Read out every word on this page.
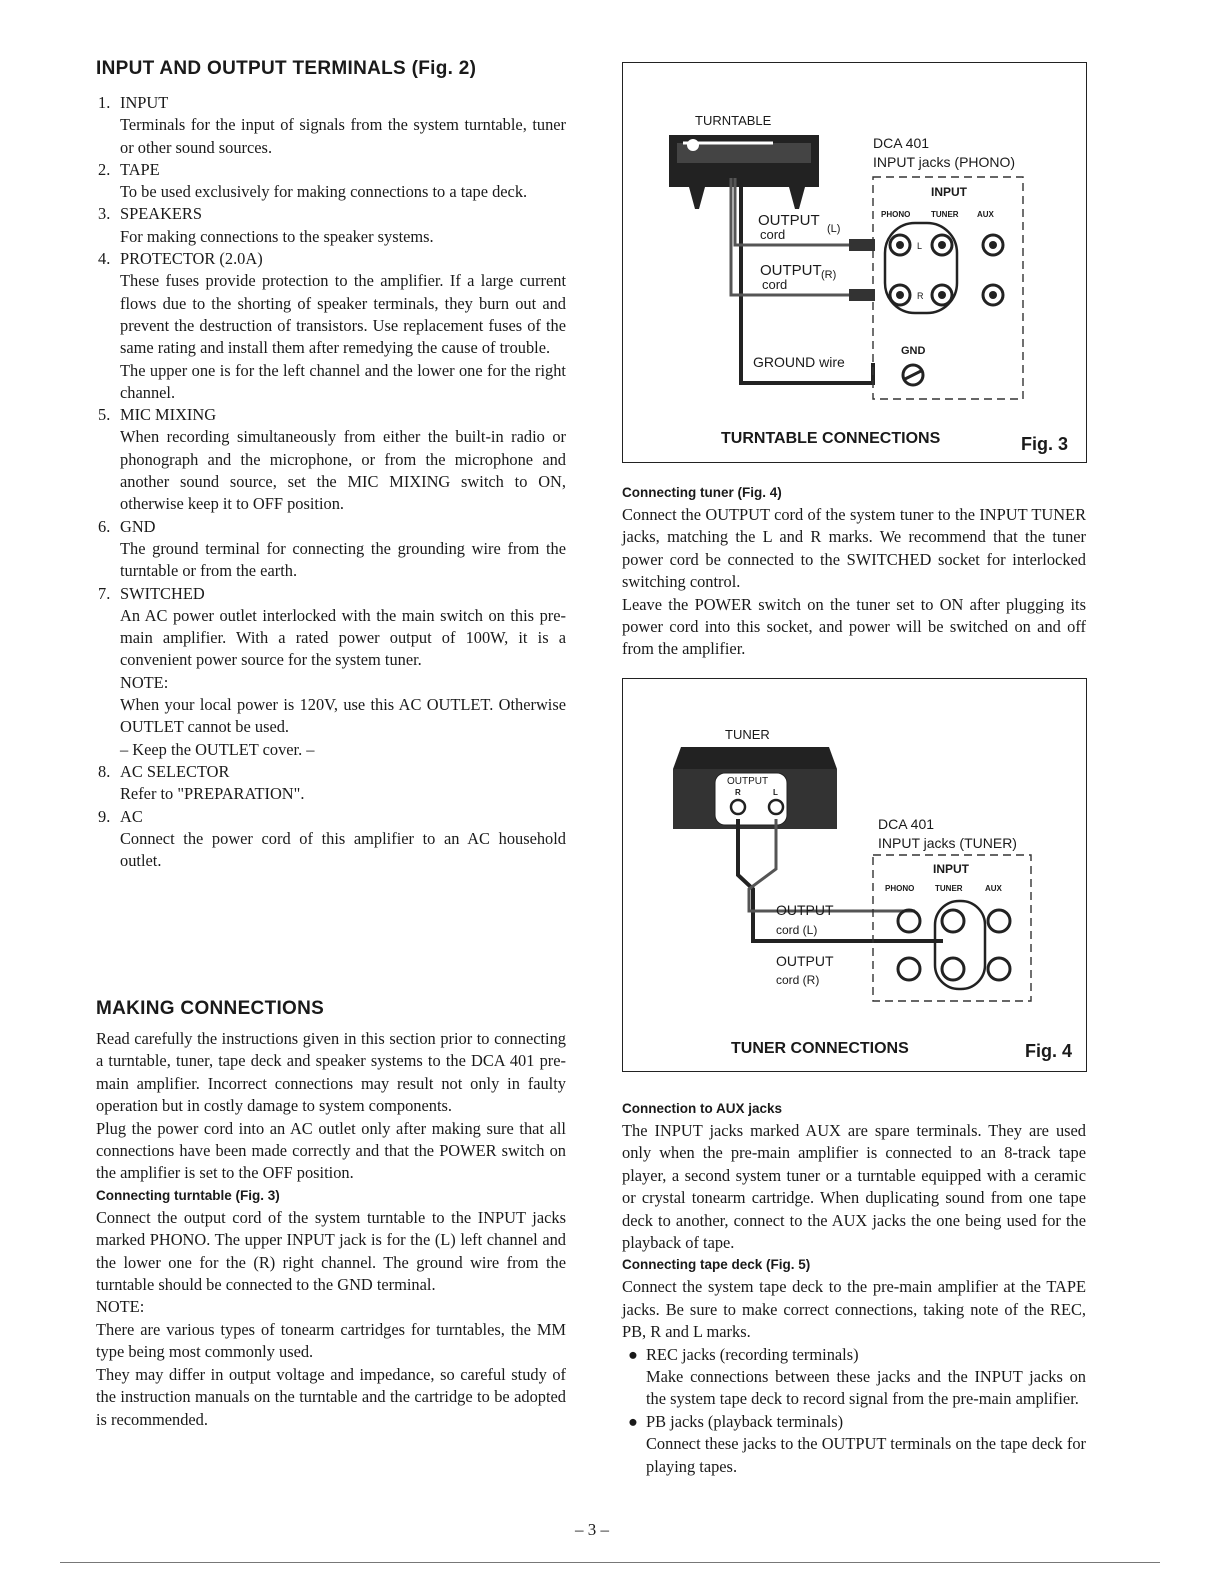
INPUT AND OUTPUT TERMINALS (Fig. 2)
1. INPUT
Terminals for the input of signals from the system turntable, tuner or other sound sources.
2. TAPE
To be used exclusively for making connections to a tape deck.
3. SPEAKERS
For making connections to the speaker systems.
4. PROTECTOR (2.0A)
These fuses provide protection to the amplifier. If a large current flows due to the shorting of speaker terminals, they burn out and prevent the destruction of transistors. Use replacement fuses of the same rating and install them after remedying the cause of trouble.
The upper one is for the left channel and the lower one for the right channel.
5. MIC MIXING
When recording simultaneously from either the built-in radio or phonograph and the microphone, or from the microphone and another sound source, set the MIC MIXING switch to ON, otherwise keep it to OFF position.
6. GND
The ground terminal for connecting the grounding wire from the turntable or from the earth.
7. SWITCHED
An AC power outlet interlocked with the main switch on this pre-main amplifier. With a rated power output of 100W, it is a convenient power source for the system tuner.
NOTE:
When your local power is 120V, use this AC OUTLET. Otherwise OUTLET cannot be used.
– Keep the OUTLET cover. –
8. AC SELECTOR
Refer to "PREPARATION".
9. AC
Connect the power cord of this amplifier to an AC household outlet.
MAKING CONNECTIONS

Read carefully the instructions given in this section prior to connecting a turntable, tuner, tape deck and speaker systems to the DCA 401 pre-main amplifier. Incorrect connections may result not only in faulty operation but in costly damage to system components.

Plug the power cord into an AC outlet only after making sure that all connections have been made correctly and that the POWER switch on the amplifier is set to the OFF position.

Connecting turntable (Fig. 3)

Connect the output cord of the system turntable to the INPUT jacks marked PHONO. The upper INPUT jack is for the (L) left channel and the lower one for the (R) right channel. The ground wire from the turntable should be connected to the GND terminal.

NOTE:

There are various types of tonearm cartridges for turntables, the MM type being most commonly used.

They may differ in output voltage and impedance, so careful study of the instruction manuals on the turntable and the cartridge to be adopted is recommended.

TURNTABLE
OUTPUT
cord	(L)
OUTPUT
cord
(R)
GROUND wire
DCA 401
INPUT jacks (PHONO)
INPUT
PHONO	TUNER AUX
L
R
GND
TURNTABLE CONNECTIONS	Fig. 3

Connecting tuner (Fig. 4)

Connect the OUTPUT cord of the system tuner to the INPUT TUNER jacks, matching the L and R marks. We recommend that the tuner power cord be connected to the SWITCHED socket for interlocked switching control.

Leave the POWER switch on the tuner set to ON after plugging its power cord into this socket, and power will be switched on and off from the amplifier.

TUNER
OUTPUT
R	L
OUTPUT
cord (L)
OUTPUT
cord (R)
DCA 401
INPUT jacks (TUNER)
INPUT
PHONO	TUNER	AUX
TUNER CONNECTIONS	Fig. 4

Connection to AUX jacks

The INPUT jacks marked AUX are spare terminals. They are used only when the pre-main amplifier is connected to an 8-track tape player, a second system tuner or a turntable equipped with a ceramic or crystal tonearm cartridge. When duplicating sound from one tape deck to another, connect to the AUX jacks the one being used for the playback of tape.

Connecting tape deck (Fig. 5)

Connect the system tape deck to the pre-main amplifier at the TAPE jacks. Be sure to make correct connections, taking note of the REC, PB, R and L marks.

● REC jacks (recording terminals)
Make connections between these jacks and the INPUT jacks on the system tape deck to record signal from the pre-main amplifier.
● PB jacks (playback terminals)
Connect these jacks to the OUTPUT terminals on the tape deck for playing tapes.
– 3 –
